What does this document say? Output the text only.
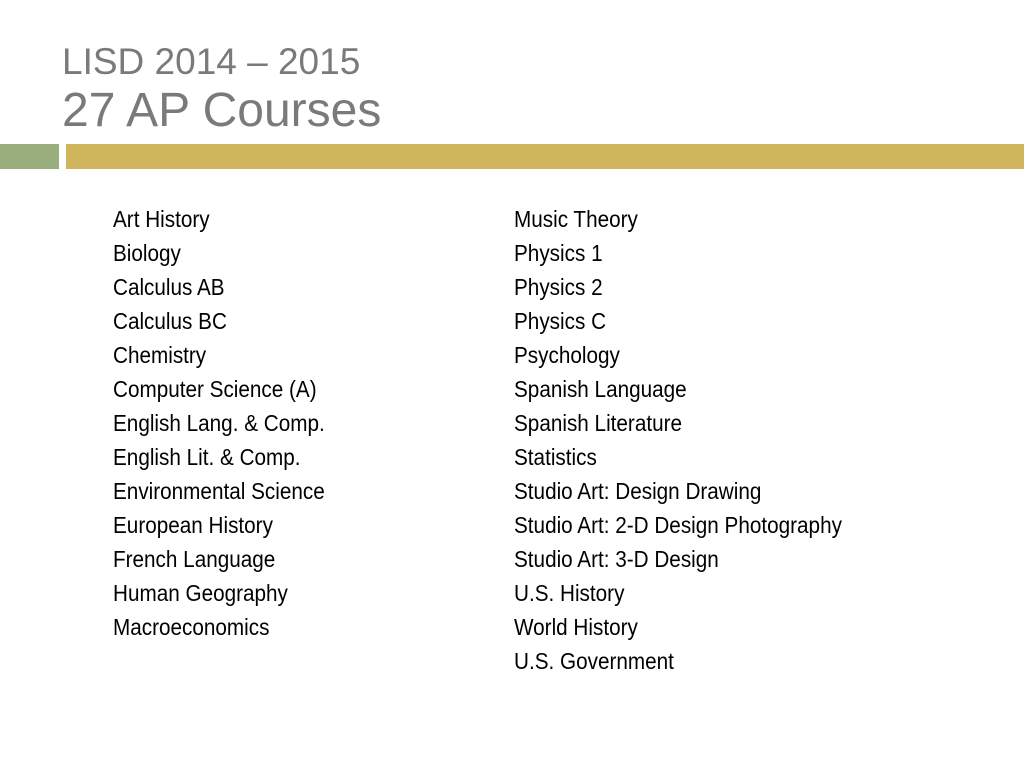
LISD 2014 – 2015
27 AP Courses
Art History
Biology
Calculus AB
Calculus BC
Chemistry
Computer Science (A)
English Lang. & Comp.
English Lit. & Comp.
Environmental Science
European History
French Language
Human Geography
Macroeconomics
Music Theory
Physics 1
Physics 2
Physics C
Psychology
Spanish Language
Spanish Literature
Statistics
Studio Art: Design Drawing
Studio Art: 2-D Design Photography
Studio Art: 3-D Design
U.S. History
World History
U.S. Government
